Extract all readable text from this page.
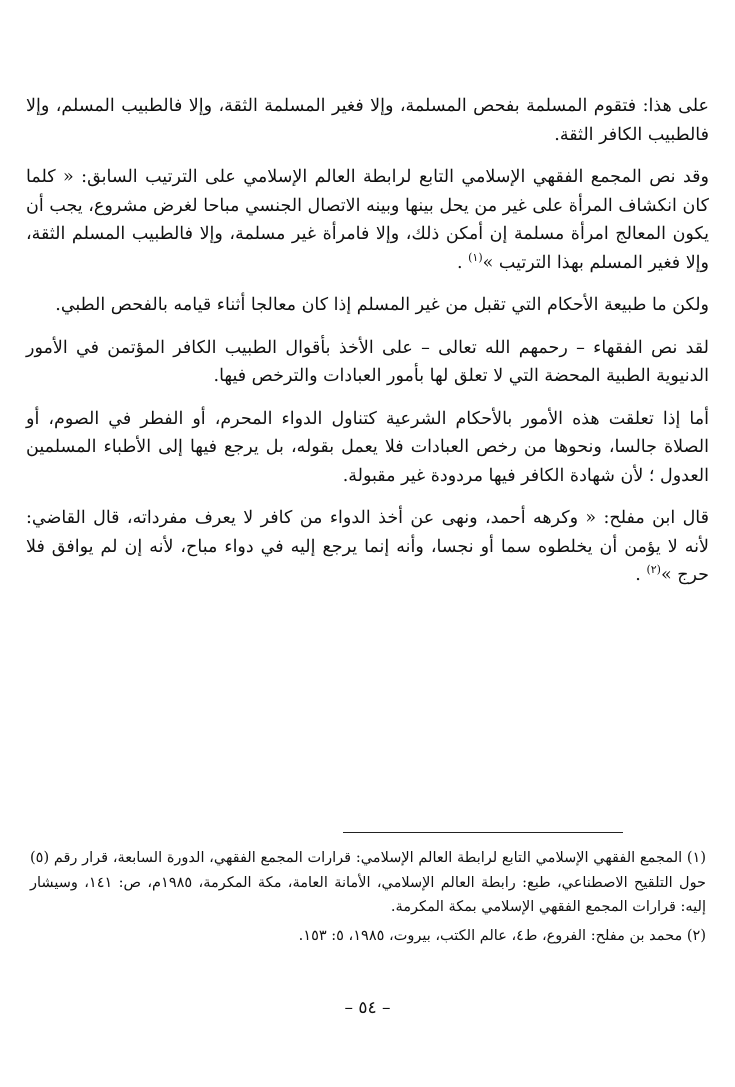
على هذا: فتقوم المسلمة بفحص المسلمة، وإلا فغير المسلمة الثقة، وإلا فالطبيب المسلم، وإلا فالطبيب الكافر الثقة.

وقد نص المجمع الفقهي الإسلامي التابع لرابطة العالم الإسلامي على الترتيب السابق: « كلما كان انكشاف المرأة على غير من يحل بينها وبينه الاتصال الجنسي مباحا لغرض مشروع، يجب أن يكون المعالج امرأة مسلمة إن أمكن ذلك، وإلا فامرأة غير مسلمة، وإلا فالطبيب المسلم الثقة، وإلا فغير المسلم بهذا الترتيب »$^{(١)}$ .

ولكن ما طبيعة الأحكام التي تقبل من غير المسلم إذا كان معالجا أثناء قيامه بالفحص الطبي.

لقد نص الفقهاء – رحمهم الله تعالى – على الأخذ بأقوال الطبيب الكافر المؤتمن في الأمور الدنيوية الطبية المحضة التي لا تعلق لها بأمور العبادات والترخص فيها.

أما إذا تعلقت هذه الأمور بالأحكام الشرعية كتناول الدواء المحرم، أو الفطر في الصوم، أو الصلاة جالسا، ونحوها من رخص العبادات فلا يعمل بقوله، بل يرجع فيها إلى الأطباء المسلمين العدول ؛ لأن شهادة الكافر فيها مردودة غير مقبولة.

قال ابن مفلح: « وكرهه أحمد، ونهى عن أخذ الدواء من كافر لا يعرف مفرداته، قال القاضي: لأنه لا يؤمن أن يخلطوه سما أو نجسا، وأنه إنما يرجع إليه في دواء مباح، لأنه إن لم يوافق فلا حرج »$^{(٢)}$ .

(١) المجمع الفقهي الإسلامي التابع لرابطة العالم الإسلامي: قرارات المجمع الفقهي، الدورة السابعة، قرار رقم (٥) حول التلقيح الاصطناعي، طبع: رابطة العالم الإسلامي، الأمانة العامة، مكة المكرمة، ١٩٨٥م، ص: ١٤١، وسيشار إليه: قرارات المجمع الفقهي الإسلامي بمكة المكرمة.

(٢) محمد بن مفلح: الفروع، ط٤، عالم الكتب، بيروت، ١٩٨٥، ٥: ١٥٣.

– ٥٤ –
